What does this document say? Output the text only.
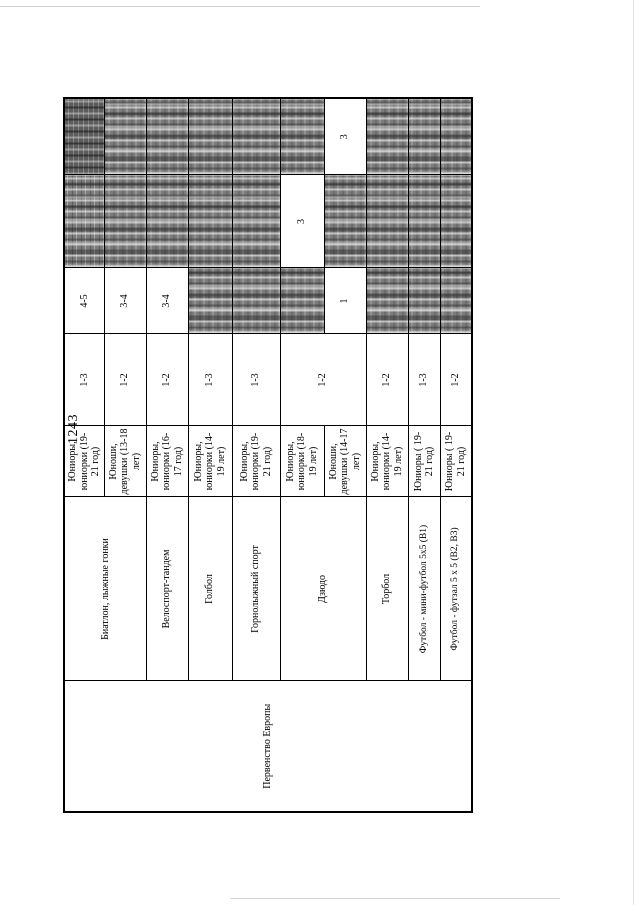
1243
Первенство Европы	Биатлон, лыжные гонки	Юниоры, юниорки (19-21 год)	1-3	4-5		
		Юноши, девушки (13-18 лет)	1-2	3-4		
	Велоспорт-тандем	Юниоры, юниорки (16-17 год)	1-2	3-4		
	Голбол	Юниоры, юниорки (14-19 лет)	1-3			
	Горнолыжный спорт	Юниоры, юниорки (19-21 год)	1-3			
	Дзюдо	Юниоры, юниорки (18-19 лет)	1-2		3	
		Юноши, девушки (14-17 лет)		1		3
	Торбол	Юниоры, юниорки (14-19 лет)	1-2			
	Футбол - мини-футбол 5x5 (B1)	Юниоры ( 19-21 год)	1-3			
	Футбол - футзал 5 x 5 (B2, B3)	Юниоры ( 19-21 год)	1-2			
